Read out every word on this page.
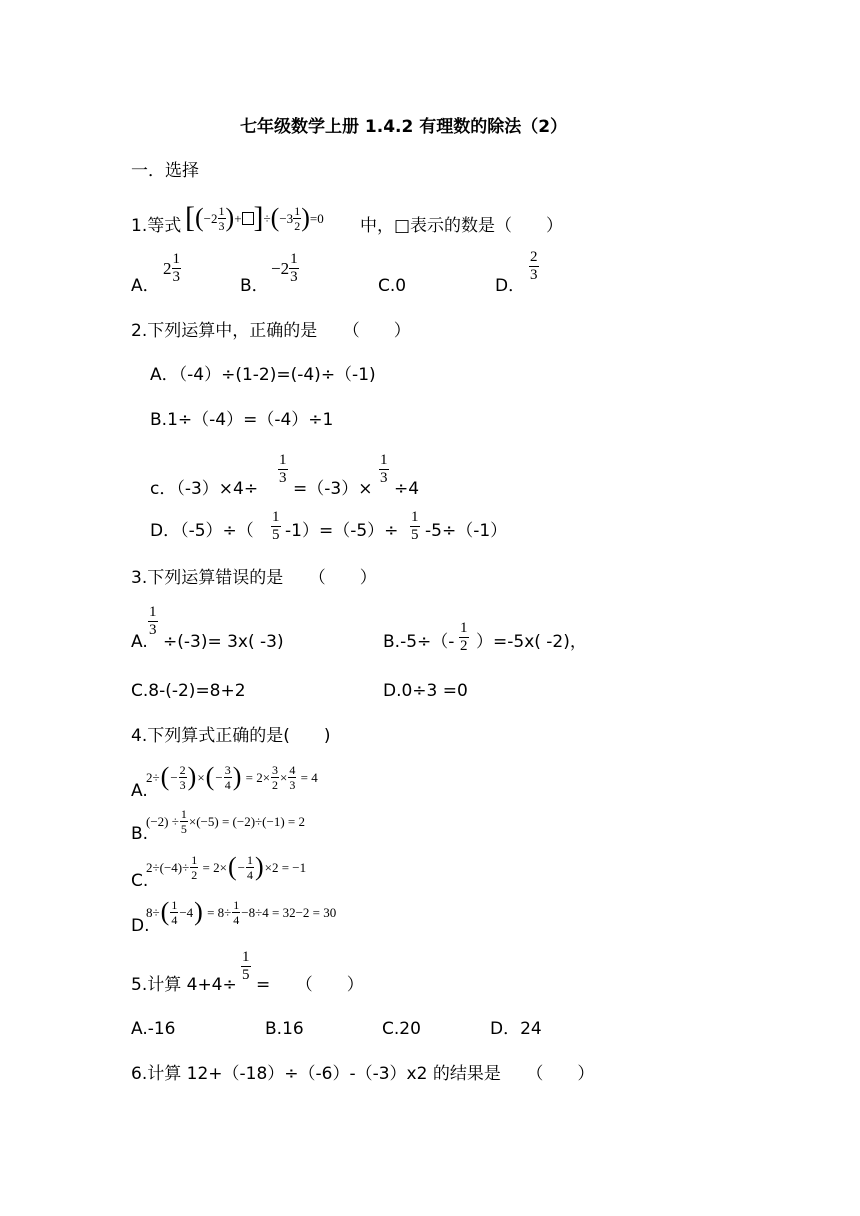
七年级数学上册 1.4.2 有理数的除法（2）
一．选择
1.等式 [ ( $-2 \frac{1}{3}$ ) + ] ÷ ( $-3 \frac{1}{2}$ ) =0 中，□表示的数是（　　）
A．
$2 \frac{1}{3}$
B．
$-2 \frac{1}{3}$
C.0	D．
$\frac{2}{3}$
2.下列运算中，正确的是　　（　　）
A．（-4）÷(1-2)=(-4)÷（-1)
B.1÷（-4）=（-4）÷1
c．（-3）×4÷
$\frac{1}{3}$
=（-3）×
$\frac{1}{3}$
÷4
D．$(-5)\div( \frac{1}{5} -1)=(-5)\div \frac{1}{5} -5\div(-1)$
3.下列运算错误的是　　（　　）
A.
$\frac{1}{3}$
÷(-3)= 3x( -3)	$B.-5\div(- \frac{1}{2} )=-5x$( -2)，
C.8-(-2)=8+2	D.0÷3 =0
4.下列算式正确的是(　　)
A.
2÷ ( − $\frac{2}{3}$ ) × ( − $\frac{3}{4}$ ) = $2\times \frac{3}{2} \times \frac{4}{3} = 4$
B.
$(-2) \div \frac{1}{5} \times(-5) = (-2)\div(-1) = 2$
C.
$2\div(-4)\div \frac{1}{2} = 2\times$ ( − $\frac{1}{4}$ ) ×2 = −1
D.
8÷ ( $\frac{1}{4} -4$ ) = $8\div \frac{1}{4} -8\div 4 = 32-2 = 30$
5.计算 4+4÷
$\frac{1}{5}$
=　　（　　）
A.-16	B.16	C.20	D．24
6.计算 12+（-18）÷（-6）-（-3）x2 的结果是　　（　　）
